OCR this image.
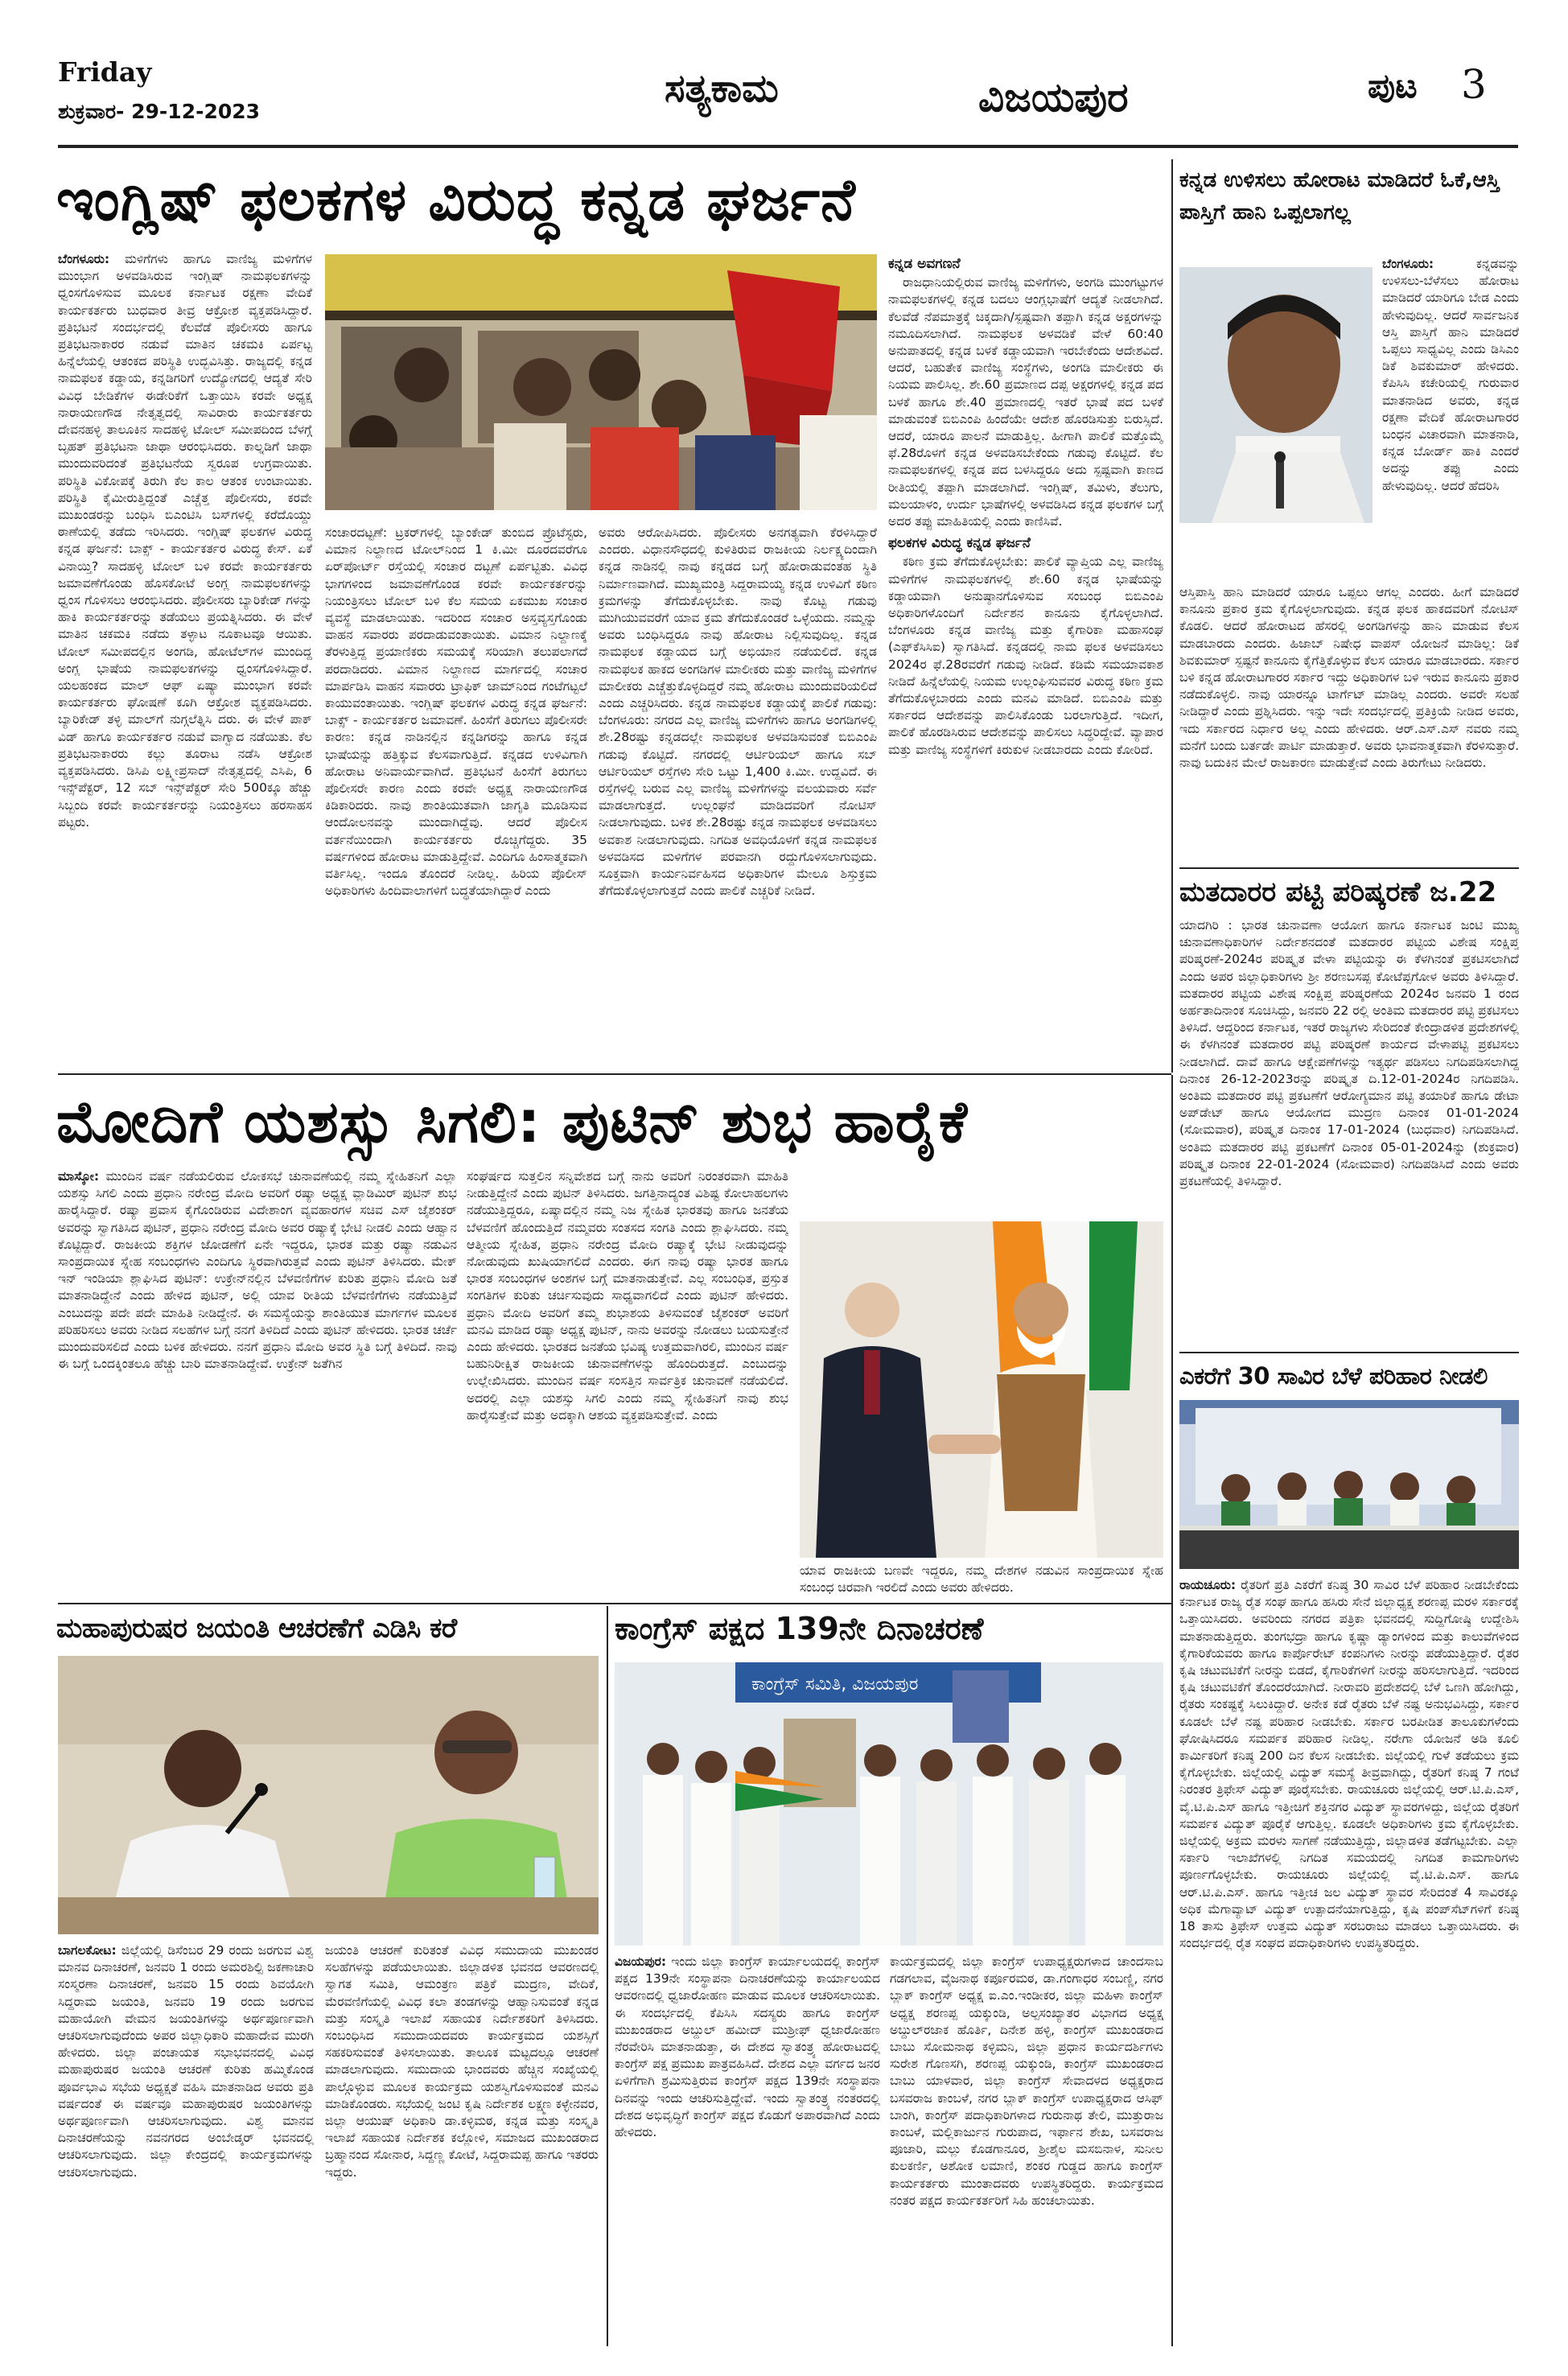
Friday
ಶುಕ್ರವಾರ- 29-12-2023
ಸತ್ಯಕಾಮ	ವಿಜಯಪುರ	ಪುಟ 3
ಇಂಗ್ಲಿಷ್ ಫಲಕಗಳ ವಿರುದ್ಧ ಕನ್ನಡ ಘರ್ಜನೆ

ಬೆಂಗಳೂರು: ಮಳಿಗೆಗಳು ಹಾಗೂ ವಾಣಿಜ್ಯ ಮಳಿಗೆಗಳ ಮುಂಭಾಗ ಅಳವಡಿಸಿರುವ ಇಂಗ್ಲಿಷ್ ನಾಮಫಲಕಗಳನ್ನು ಧ್ವಂಸಗೊಳಿಸುವ ಮೂಲಕ ಕರ್ನಾಟಕ ರಕ್ಷಣಾ ವೇದಿಕೆ ಕಾರ್ಯಕರ್ತರು ಬುಧವಾರ ತೀವ್ರ ಆಕ್ರೋಶ ವ್ಯಕ್ತಪಡಿಸಿದ್ದಾರೆ. ಪ್ರತಿಭಟನೆ ಸಂದರ್ಭದಲ್ಲಿ ಕೆಲವೆಡೆ ಪೊಲೀಸರು ಹಾಗೂ ಪ್ರತಿಭಟನಾಕಾರರ ನಡುವೆ ಮಾತಿನ ಚಕಮಕಿ ಏರ್ಪಟ್ಟ ಹಿನ್ನೆಲೆಯಲ್ಲಿ ಆತಂಕದ ಪರಿಸ್ಥಿತಿ ಉದ್ಭವಿಸಿತ್ತು. ರಾಜ್ಯದಲ್ಲಿ ಕನ್ನಡ ನಾಮಫಲಕ ಕಡ್ಡಾಯ, ಕನ್ನಡಿಗರಿಗೆ ಉದ್ಯೋಗದಲ್ಲಿ ಆದ್ಯತೆ ಸೇರಿ ವಿವಿಧ ಬೇಡಿಕೆಗಳ ಈಡೇರಿಕೆಗೆ ಒತ್ತಾಯಿಸಿ ಕರವೇ ಅಧ್ಯಕ್ಷ ನಾರಾಯಣಗೌಡ ನೇತೃತ್ವದಲ್ಲಿ ಸಾವಿರಾರು ಕಾರ್ಯಕರ್ತರು ದೇವನಹಳ್ಳಿ ತಾಲೂಕಿನ ಸಾದಹಳ್ಳಿ ಟೋಲ್ ಸಮೀಪದಿಂದ ಬೆಳಗ್ಗೆ ಬೃಹತ್ ಪ್ರತಿಭಟನಾ ಜಾಥಾ ಆರಂಭಿಸಿದರು. ಕಾಲ್ನಡಿಗೆ ಜಾಥಾ ಮುಂದುವರಿದಂತೆ ಪ್ರತಿಭಟನೆಯ ಸ್ವರೂಪ ಉಗ್ರವಾಯಿತು. ಪರಿಸ್ಥಿತಿ ವಿಕೋಪಕ್ಕೆ ತಿರುಗಿ ಕೆಲ ಕಾಲ ಆತಂಕ ಉಂಟಾಯಿತು. ಪರಿಸ್ಥಿತಿ ಕೈಮೀರುತ್ತಿದ್ದಂತೆ ಎಚ್ಚೆತ್ತ ಪೊಲೀಸರು, ಕರವೇ ಮುಖಂಡರನ್ನು ಬಂಧಿಸಿ ಬಿಎಂಟಿಸಿ ಬಸ್‌ಗಳಲ್ಲಿ ಕರೆದೊಯ್ದು ಠಾಣೆಯಲ್ಲಿ ತಡೆದು ಇರಿಸಿದರು. ಇಂಗ್ಲಿಷ್ ಫಲಕಗಳ ವಿರುದ್ಧ ಕನ್ನಡ ಘರ್ಜನೆ: ಬಾಕ್ಸ್ - ಕಾರ್ಯಕರ್ತರ ವಿರುದ್ಧ ಕೇಸ್. ಏಕೆ ವಿನಾಯ್ತಿ? ಸಾದಹಳ್ಳಿ ಟೋಲ್ ಬಳಿ ಕರವೇ ಕಾರ್ಯಕರ್ತರು ಜಮಾವಣೆಗೊಂಡು ಹೊಸಕೋಟೆ ಅಂಗ್ಲ ನಾಮಫಲಕಗಳನ್ನು ಧ್ವಂಸ ಗೊಳಿಸಲು ಆರಂಭಿಸಿದರು. ಪೊಲೀಸರು ಬ್ಯಾರಿಕೇಡ್ ಗಳನ್ನು ಹಾಕಿ ಕಾರ್ಯಕರ್ತರನ್ನು ತಡೆಯಲು ಪ್ರಯತ್ನಿಸಿದರು. ಈ ವೇಳೆ ಮಾತಿನ ಚಕಮಕಿ ನಡೆದು ತಳ್ಳಾಟ ನೂಕಾಟವೂ ಆಯಿತು. ಟೋಲ್ ಸಮೀಪದಲ್ಲಿನ ಅಂಗಡಿ, ಹೋಟೆಲ್‌ಗಳ ಮುಂದಿದ್ದ ಅಂಗ್ಲ ಭಾಷೆಯ ನಾಮಫಲಕಗಳನ್ನು ಧ್ವಂಸಗೊಳಿಸಿದ್ದಾರೆ. ಯಲಹಂಕದ ಮಾಲ್ ಆಫ್ ಏಷ್ಯಾ ಮುಂಭಾಗ ಕರವೇ ಕಾರ್ಯಕರ್ತರು ಘೋಷಣೆ ಕೂಗಿ ಆಕ್ರೋಶ ವ್ಯಕ್ತಪಡಿಸಿದರು. ಬ್ಯಾರಿಕೇಡ್ ತಳ್ಳಿ ಮಾಲ್‌ಗೆ ನುಗ್ಗಲೆತ್ನಿಸಿ ದರು. ಈ ವೇಳೆ ಪಾಕ್ ವಿಡ್ ಹಾಗೂ ಕಾರ್ಯಕರ್ತರ ನಡುವೆ ವಾಗ್ವಾದ ನಡೆಯಿತು. ಕೆಲ ಪ್ರತಿಭಟನಾಕಾರರು ಕಲ್ಲು ತೂರಾಟ ನಡೆಸಿ ಆಕ್ರೋಶ ವ್ಯಕ್ತಪಡಿಸಿದರು. ಡಿಸಿಪಿ ಲಕ್ಷ್ಮೀಪ್ರಸಾದ್ ನೇತೃತ್ವದಲ್ಲಿ ಎಸಿಪಿ, 6 ಇನ್ಸ್‌ಪೆಕ್ಟರ್, 12 ಸಬ್ ಇನ್ಸ್‌ಪೆಕ್ಟರ್ ಸೇರಿ 500ಕ್ಕೂ ಹೆಚ್ಚು ಸಿಬ್ಬಂದಿ ಕರವೇ ಕಾರ್ಯಕರ್ತರನ್ನು ನಿಯಂತ್ರಿಸಲು ಹರಸಾಹಸ ಪಟ್ಟರು.

ಸಂಚಾರದಟ್ಟಣೆ: ಟ್ರಕರ್‌ಗಳಲ್ಲಿ ಬ್ಯಾಂಕೇಡ್ ತುಂಬಿದ ಪ್ರೊಟೆಸ್ಟರು, ವಿಮಾನ ನಿಲ್ದಾಣದ ಟೋಲ್‌ನಿಂದ 1 ಕಿ.ಮೀ ದೂರದವರೆಗೂ ಏರ್‌ಪೋರ್ಟ್ ರಸ್ತೆಯಲ್ಲಿ ಸಂಚಾರ ದಟ್ಟಣೆ ಏರ್ಪಟ್ಟಿತು. ವಿವಿಧ ಭಾಗಗಳಿಂದ ಜಮಾವಣೆಗೊಂಡ ಕರವೇ ಕಾರ್ಯಕರ್ತರನ್ನು ನಿಯಂತ್ರಿಸಲು ಟೋಲ್ ಬಳಿ ಕೆಲ ಸಮಯ ಏಕಮುಖ ಸಂಚಾರ ವ್ಯವಸ್ಥೆ ಮಾಡಲಾಯಿತು. ಇದರಿಂದ ಸಂಚಾರ ಅಸ್ತವ್ಯಸ್ತಗೊಂಡು ವಾಹನ ಸವಾರರು ಪರದಾಡುವಂತಾಯಿತು. ವಿಮಾನ ನಿಲ್ದಾಣಕ್ಕೆ ತೆರಳುತ್ತಿದ್ದ ಪ್ರಯಾಣಿಕರು ಸಮಯಕ್ಕೆ ಸರಿಯಾಗಿ ತಲುಪಲಾಗದೆ ಪರದಾಡಿದರು. ವಿಮಾನ ನಿಲ್ದಾಣದ ಮಾರ್ಗದಲ್ಲಿ ಸಂಚಾರ ಮಾರ್ಪಡಿಸಿ ವಾಹನ ಸವಾರರು ಟ್ರಾಫಿಕ್ ಜಾಮ್‌ನಿಂದ ಗಂಟೆಗಟ್ಟಲೆ ಕಾಯುವಂತಾಯಿತು. ಇಂಗ್ಲಿಷ್ ಫಲಕಗಳ ವಿರುದ್ಧ ಕನ್ನಡ ಘರ್ಜನೆ: ಬಾಕ್ಸ್ - ಕಾರ್ಯಕರ್ತರ ಜಮಾವಣೆ. ಹಿಂಸೆಗೆ ತಿರುಗಲು ಪೊಲೀಸರೇ ಕಾರಣ: ಕನ್ನಡ ನಾಡಿನಲ್ಲಿನ ಕನ್ನಡಿಗರನ್ನು ಹಾಗೂ ಕನ್ನಡ ಭಾಷೆಯನ್ನು ಹತ್ತಿಕ್ಕುವ ಕೆಲಸವಾಗುತ್ತಿದೆ. ಕನ್ನಡದ ಉಳಿವಿಗಾಗಿ ಹೋರಾಟ ಅನಿವಾರ್ಯವಾಗಿದೆ. ಪ್ರತಿಭಟನೆ ಹಿಂಸೆಗೆ ತಿರುಗಲು ಪೊಲೀಸರೇ ಕಾರಣ ಎಂದು ಕರವೇ ಅಧ್ಯಕ್ಷ ನಾರಾಯಣಗೌಡ ಕಿಡಿಕಾರಿದರು. ನಾವು ಶಾಂತಿಯುತವಾಗಿ ಜಾಗೃತಿ ಮೂಡಿಸುವ ಆಂದೋಲನವನ್ನು ಮುಂದಾಗಿದ್ದೆವು. ಆದರೆ ಪೊಲೀಸ ವರ್ತನೆಯಿಂದಾಗಿ ಕಾರ್ಯಕರ್ತರು ರೊಚ್ಚಿಗೆದ್ದರು. 35 ವರ್ಷಗಳಿಂದ ಹೋರಾಟ ಮಾಡುತ್ತಿದ್ದೇವೆ. ಎಂದಿಗೂ ಹಿಂಸಾತ್ಮಕವಾಗಿ ವರ್ತಿಸಿಲ್ಲ. ಇಂದೂ ತೊಂದರೆ ನೀಡಿಲ್ಲ. ಹಿರಿಯ ಪೊಲೀಸ್ ಅಧಿಕಾರಿಗಳು ಹಿಂದಿವಾಲಾಗಳಿಗೆ ಬದ್ಧತೆಯಾಗಿದ್ದಾರೆ ಎಂದು

ಅವರು ಆರೋಪಿಸಿದರು. ಪೊಲೀಸರು ಅನಗತ್ಯವಾಗಿ ಕೆರಳಿಸಿದ್ದಾರೆ ಎಂದರು. ವಿಧಾನಸೌಧದಲ್ಲಿ ಕುಳಿತಿರುವ ರಾಜಕೀಯ ನಿರ್ಲಕ್ಷ್ಯದಿಂದಾಗಿ ಕನ್ನಡ ನಾಡಿನಲ್ಲಿ ನಾವು ಕನ್ನಡದ ಬಗ್ಗೆ ಹೋರಾಡುವಂತಹ ಸ್ಥಿತಿ ನಿರ್ಮಾಣವಾಗಿದೆ. ಮುಖ್ಯಮಂತ್ರಿ ಸಿದ್ದರಾಮಯ್ಯ ಕನ್ನಡ ಉಳಿವಿಗೆ ಕಠಿಣ ಕ್ರಮಗಳನ್ನು ತೆಗೆದುಕೊಳ್ಳಬೇಕು. ನಾವು ಕೊಟ್ಟ ಗಡುವು ಮುಗಿಯುವವರೆಗೆ ಯಾವ ಕ್ರಮ ತೆಗೆದುಕೊಂಡರೆ ಒಳ್ಳೆಯದು. ನಮ್ಮನ್ನು ಅವರು ಬಂಧಿಸಿದ್ದರೂ ನಾವು ಹೋರಾಟ ನಿಲ್ಲಿಸುವುದಿಲ್ಲ. ಕನ್ನಡ ನಾಮಫಲಕ ಕಡ್ಡಾಯದ ಬಗ್ಗೆ ಅಭಿಯಾನ ನಡೆಯಲಿದೆ. ಕನ್ನಡ ನಾಮಫಲಕ ಹಾಕದ ಅಂಗಡಿಗಳ ಮಾಲೀಕರು ಮತ್ತು ವಾಣಿಜ್ಯ ಮಳಿಗೆಗಳ ಮಾಲೀಕರು ಎಚ್ಚೆತ್ತುಕೊಳ್ಳದಿದ್ದರೆ ನಮ್ಮ ಹೋರಾಟ ಮುಂದುವರಿಯಲಿದೆ ಎಂದು ಎಚ್ಚರಿಸಿದರು. ಕನ್ನಡ ನಾಮಫಲಕ ಕಡ್ಡಾಯಕ್ಕೆ ಪಾಲಿಕೆ ಗಡುವು: ಬೆಂಗಳೂರು: ನಗರದ ಎಲ್ಲ ವಾಣಿಜ್ಯ ಮಳಿಗೆಗಳು ಹಾಗೂ ಅಂಗಡಿಗಳಲ್ಲಿ ಶೇ.28ರಷ್ಟು ಕನ್ನಡದಲ್ಲೇ ನಾಮಫಲಕ ಅಳವಡಿಸುವಂತೆ ಬಿಬಿಎಂಪಿ ಗಡುವು ಕೊಟ್ಟಿದೆ. ನಗರದಲ್ಲಿ ಆರ್ಟಿರಿಯಲ್ ಹಾಗೂ ಸಬ್ ಆರ್ಟಿರಿಯಲ್ ರಸ್ತೆಗಳು ಸೇರಿ ಒಟ್ಟು 1,400 ಕಿ.ಮೀ. ಉದ್ದವಿದೆ. ಈ ರಸ್ತೆಗಳಲ್ಲಿ ಬರುವ ಎಲ್ಲ ವಾಣಿಜ್ಯ ಮಳಿಗೆಗಳನ್ನು ವಲಯವಾರು ಸರ್ವೆ ಮಾಡಲಾಗುತ್ತದೆ. ಉಲ್ಲಂಘನೆ ಮಾಡಿದವರಿಗೆ ನೋಟಿಸ್ ನೀಡಲಾಗುವುದು. ಬಳಿಕ ಶೇ.28ರಷ್ಟು ಕನ್ನಡ ನಾಮಫಲಕ ಅಳವಡಿಸಲು ಅವಕಾಶ ನೀಡಲಾಗುವುದು. ನಿಗದಿತ ಅವಧಿಯೊಳಗೆ ಕನ್ನಡ ನಾಮಫಲಕ ಅಳವಡಿಸದ ಮಳಿಗೆಗಳ ಪರವಾನಗಿ ರದ್ದುಗೊಳಿಸಲಾಗುವುದು. ಸೂಕ್ತವಾಗಿ ಕಾರ್ಯನಿರ್ವಹಿಸದ ಅಧಿಕಾರಿಗಳ ಮೇಲೂ ಶಿಸ್ತುಕ್ರಮ ತೆಗೆದುಕೊಳ್ಳಲಾಗುತ್ತದೆ ಎಂದು ಪಾಲಿಕೆ ಎಚ್ಚರಿಕೆ ನೀಡಿದೆ.

ಕನ್ನಡ ಅವಗಣನೆ

ರಾಜಧಾನಿಯಲ್ಲಿರುವ ವಾಣಿಜ್ಯ ಮಳಿಗೆಗಳು, ಅಂಗಡಿ ಮುಂಗಟ್ಟುಗಳ ನಾಮಫಲಕಗಳಲ್ಲಿ ಕನ್ನಡ ಬದಲು ಆಂಗ್ಲಭಾಷೆಗೆ ಆದ್ಯತೆ ನೀಡಲಾಗಿದೆ. ಕೆಲವೆಡೆ ನೆಪಮಾತ್ರಕ್ಕೆ ಚಿಕ್ಕದಾಗಿ/ಸ್ಪಷ್ಟವಾಗಿ ತಪ್ಪಾಗಿ ಕನ್ನಡ ಅಕ್ಷರಗಳನ್ನು ನಮೂದಿಸಲಾಗಿದೆ. ನಾಮಫಲಕ ಅಳವಡಿಕೆ ವೇಳೆ 60:40 ಅನುಪಾತದಲ್ಲಿ ಕನ್ನಡ ಬಳಕೆ ಕಡ್ಡಾಯವಾಗಿ ಇರಬೇಕೆಂದು ಆದೇಶವಿದೆ. ಆದರೆ, ಬಹುತೇಕ ವಾಣಿಜ್ಯ ಸಂಸ್ಥೆಗಳು, ಅಂಗಡಿ ಮಾಲೀಕರು ಈ ನಿಯಮ ಪಾಲಿಸಿಲ್ಲ. ಶೇ.60 ಪ್ರಮಾಣದ ದಪ್ಪ ಅಕ್ಷರಗಳಲ್ಲಿ ಕನ್ನಡ ಪದ ಬಳಕೆ ಹಾಗೂ ಶೇ.40 ಪ್ರಮಾಣದಲ್ಲಿ ಇತರೆ ಭಾಷೆ ಪದ ಬಳಕೆ ಮಾಡುವಂತೆ ಬಿಬಿಎಂಪಿ ಹಿಂದೆಯೇ ಆದೇಶ ಹೊರಡಿಸುತ್ತು ಬಿರುಸ್ಸಿದೆ. ಆದರೆ, ಯಾರೂ ಪಾಲನೆ ಮಾಡುತ್ತಿಲ್ಲ. ಹೀಗಾಗಿ ಪಾಲಿಕೆ ಮತ್ತೊಮ್ಮೆ ಫೆ.28ರೊಳಗೆ ಕನ್ನಡ ಅಳವಡಿಸಬೇಕೆಂದು ಗಡುವು ಕೊಟ್ಟಿದೆ. ಕೆಲ ನಾಮಫಲಕಗಳಲ್ಲಿ ಕನ್ನಡ ಪದ ಬಳಸಿದ್ದರೂ ಅದು ಸ್ಪಷ್ಟವಾಗಿ ಕಾಣದ ರೀತಿಯಲ್ಲಿ ತಪ್ಪಾಗಿ ಮಾಡಲಾಗಿದೆ. ಇಂಗ್ಲಿಷ್, ತಮಿಳು, ತೆಲುಗು, ಮಲಯಾಳಂ, ಉರ್ದು ಭಾಷೆಗಳಲ್ಲಿ ಅಳವಡಿಸಿದ ಕನ್ನಡ ಫಲಕಗಳ ಬಗ್ಗೆ ಅದರ ತಪ್ಪು ಮಾಹಿತಿಯಲ್ಲಿ ಎಂದು ಕಾಣಿಸಿವೆ.

ಫಲಕಗಳ ವಿರುದ್ಧ ಕನ್ನಡ ಘರ್ಜನೆ

ಕಠಿಣ ಕ್ರಮ ತೆಗೆದುಕೊಳ್ಳಬೇಕು: ಪಾಲಿಕೆ ವ್ಯಾಪ್ತಿಯ ಎಲ್ಲ ವಾಣಿಜ್ಯ ಮಳಿಗೆಗಳ ನಾಮಫಲಕಗಳಲ್ಲಿ ಶೇ.60 ಕನ್ನಡ ಭಾಷೆಯನ್ನು ಕಡ್ಡಾಯವಾಗಿ ಅನುಷ್ಠಾನಗೊಳಿಸುವ ಸಂಬಂಧ ಬಿಬಿಎಂಪಿ ಅಧಿಕಾರಿಗಳೊಂದಿಗೆ ನಿರ್ದೇಶನ ಕಾನೂನು ಕೈಗೊಳ್ಳಲಾಗಿದೆ. ಬೆಂಗಳೂರು ಕನ್ನಡ ವಾಣಿಜ್ಯ ಮತ್ತು ಕೈಗಾರಿಕಾ ಮಹಾಸಂಘ (ಎಫ್‌ಕೆಸಿಸಿಐ) ಸ್ವಾಗತಿಸಿದೆ. ಕನ್ನಡದಲ್ಲಿ ನಾಮ ಫಲಕ ಅಳವಡಿಸಲು 2024ರ ಫೆ.28ರವರೆಗೆ ಗಡುವು ನೀಡಿದೆ. ಕಡಿಮೆ ಸಮಯಾವಕಾಶ ನೀಡಿದೆ ಹಿನ್ನೆಲೆಯಲ್ಲಿ ನಿಯಮ ಉಲ್ಲಂಘಿಸುವವರ ವಿರುದ್ಧ ಕಠಿಣ ಕ್ರಮ ತೆಗೆದುಕೊಳ್ಳಬಾರದು ಎಂದು ಮನವಿ ಮಾಡಿದೆ. ಬಿಬಿಎಂಪಿ ಮತ್ತು ಸರ್ಕಾರದ ಆದೇಶವನ್ನು ಪಾಲಿಸಿಕೊಂಡು ಬರಲಾಗುತ್ತಿದೆ. ಇದೀಗ, ಪಾಲಿಕೆ ಹೊರಡಿಸಿರುವ ಆದೇಶವನ್ನು ಪಾಲಿಸಲು ಸಿದ್ಧರಿದ್ದೇವೆ. ವ್ಯಾಪಾರ ಮತ್ತು ವಾಣಿಜ್ಯ ಸಂಸ್ಥೆಗಳಿಗೆ ಕಿರುಕುಳ ನೀಡಬಾರದು ಎಂದು ಕೋರಿದೆ.

ಕನ್ನಡ ಉಳಿಸಲು ಹೋರಾಟ ಮಾಡಿದರೆ ಓಕೆ,ಆಸ್ತಿ ಪಾಸ್ತಿಗೆ ಹಾನಿ ಒಪ್ಪಲಾಗಲ್ಲ

ಬೆಂಗಳೂರು:	ಕನ್ನಡವನ್ನು ಉಳಿಸಲು-ಬೆಳೆಸಲು ಹೋರಾಟ ಮಾಡಿದರೆ ಯಾರಿಗೂ ಬೇಡ ಎಂದು ಹೇಳುವುದಿಲ್ಲ. ಆದರೆ ಸಾರ್ವಜನಿಕ ಆಸ್ತಿ ಪಾಸ್ತಿಗೆ ಹಾನಿ ಮಾಡಿದರೆ ಒಪ್ಪಲು ಸಾಧ್ಯವಿಲ್ಲ ಎಂದು ಡಿಸಿಎಂ ಡಿಕೆ ಶಿವಕುಮಾರ್ ಹೇಳಿದರು. ಕೆಪಿಸಿಸಿ ಕಚೇರಿಯಲ್ಲಿ ಗುರುವಾರ ಮಾತನಾಡಿದ ಅವರು, ಕನ್ನಡ ರಕ್ಷಣಾ ವೇದಿಕೆ ಹೋರಾಟಗಾರರ ಬಂಧನ ವಿಚಾರವಾಗಿ ಮಾತನಾಡಿ, ಕನ್ನಡ ಬೋರ್ಡ್ ಹಾಕಿ ಎಂದರೆ ಅದನ್ನು ತಪ್ಪು ಎಂದು ಹೇಳುವುದಿಲ್ಲ. ಆದರೆ ಹೆದರಿಸಿ

ಆಸ್ತಿಪಾಸ್ತಿ ಹಾನಿ ಮಾಡಿದರೆ ಯಾರೂ ಒಪ್ಪಲು ಆಗಲ್ಲ ಎಂದರು. ಹೀಗೆ ಮಾಡಿದರೆ ಕಾನೂನು ಪ್ರಕಾರ ಕ್ರಮ ಕೈಗೊಳ್ಳಲಾಗುವುದು. ಕನ್ನಡ ಫಲಕ ಹಾಕದವರಿಗೆ ನೋಟಿಸ್ ಕೊಡಲಿ. ಆದರೆ ಹೋರಾಟದ ಹೆಸರಲ್ಲಿ ಅಂಗಡಿಗಳನ್ನು ಹಾನಿ ಮಾಡುವ ಕೆಲಸ ಮಾಡಬಾರದು ಎಂದರು. ಹಿಜಾಬ್ ನಿಷೇಧ ವಾಪಸ್ ಯೋಜನೆ ಮಾಡಿಲ್ಲ: ಡಿಕೆ ಶಿವಕುಮಾರ್ ಸ್ಪಷ್ಟನೆ ಕಾನೂನು ಕೈಗೆತ್ತಿಕೊಳ್ಳುವ ಕೆಲಸ ಯಾರೂ ಮಾಡಬಾರದು. ಸರ್ಕಾರ ಬಳಿ ಕನ್ನಡ ಹೋರಾಟಗಾರರ ಸರ್ಕಾರ ಇದ್ದು ಅಧಿಕಾರಿಗಳ ಬಳಿ ಇರುವ ಕಾನೂನು ಪ್ರಕಾರ ನಡೆದುಕೊಳ್ಳಲಿ. ನಾವು ಯಾರನ್ನೂ ಟಾರ್ಗೆಟ್ ಮಾಡಿಲ್ಲ ಎಂದರು. ಅವರೇ ಸಲಹೆ ನೀಡಿದ್ದಾರೆ ಎಂದು ಪ್ರಶ್ನಿಸಿದರು. ಇನ್ನು ಇದೇ ಸಂದರ್ಭದಲ್ಲಿ ಪ್ರತಿಕ್ರಿಯೆ ನೀಡಿದ ಅವರು, ಇದು ಸರ್ಕಾರದ ನಿರ್ಧಾರ ಅಲ್ಲ ಎಂದು ಹೇಳಿದರು. ಆರ್.ಎಸ್.ಎಸ್ ನವರು ನಮ್ಮ ಮನೆಗೆ ಬಂದು ಬರ್ತಡೇ ಪಾರ್ಟಿ ಮಾಡುತ್ತಾರೆ. ಅವರು ಭಾವನಾತ್ಮಕವಾಗಿ ಕೆರಳಿಸುತ್ತಾರೆ. ನಾವು ಬದುಕಿನ ಮೇಲೆ ರಾಜಕಾರಣ ಮಾಡುತ್ತೇವೆ ಎಂದು ತಿರುಗೇಟು ನೀಡಿದರು.

ಮತದಾರರ ಪಟ್ಟಿ ಪರಿಷ್ಕರಣೆ ಜ.22

ಯಾದಗಿರಿ : ಭಾರತ ಚುನಾವಣಾ ಆಯೋಗ ಹಾಗೂ ಕರ್ನಾಟಕ ಜಂಟಿ ಮುಖ್ಯ ಚುನಾವಣಾಧಿಕಾರಿಗಳ ನಿರ್ದೇಶನದಂತೆ ಮತದಾರರ ಪಟ್ಟಿಯ ವಿಶೇಷ ಸಂಕ್ಷಿಪ್ತ ಪರಿಷ್ಕರಣೆ-2024ರ ಪರಿಷ್ಕೃತ ವೇಳಾ ಪಟ್ಟಿಯನ್ನು ಈ ಕೆಳಗಿನಂತೆ ಪ್ರಕಟಿಸಲಾಗಿದೆ ಎಂದು ಅಪರ ಜಿಲ್ಲಾಧಿಕಾರಿಗಳು ಶ್ರೀ ಶರಣಬಸಪ್ಪ ಕೋಟೆಪ್ಪಗೋಳ ಅವರು ತಿಳಿಸಿದ್ದಾರೆ. ಮತದಾರರ ಪಟ್ಟಿಯ ವಿಶೇಷ ಸಂಕ್ಷಿಪ್ತ ಪರಿಷ್ಕರಣೆಯ 2024ರ ಜನವರಿ 1 ರಂದ ಅರ್ಹತಾದಿನಾಂಕ ಸೂಚಿಸಿದ್ದು, ಜನವರಿ 22 ರಲ್ಲಿ ಅಂತಿಮ ಮತದಾರರ ಪಟ್ಟಿ ಪ್ರಕಟಿಸಲು ತಿಳಿಸಿದೆ. ಆದ್ದರಿಂದ ಕರ್ನಾಟಕ, ಇತರೆ ರಾಜ್ಯಗಳು ಸೇರಿದಂತೆ ಕೇಂದ್ರಾಡಳಿತ ಪ್ರದೇಶಗಳಲ್ಲಿ ಈ ಕೆಳಗಿನಂತೆ ಮತದಾರರ ಪಟ್ಟಿ ಪರಿಷ್ಕರಣೆ ಕಾರ್ಯದ ವೇಳಾಪಟ್ಟಿ ಪ್ರಕಟಿಸಲು ನೀಡಲಾಗಿದೆ. ದಾವೆ ಹಾಗೂ ಆಕ್ಷೇಪಣೆಗಳನ್ನು ಇತ್ಯರ್ಥ ಪಡಿಸಲು ನಿಗದಿಪಡಿಸಲಾಗಿದ್ದ ದಿನಾಂಕ 26-12-2023ರನ್ನು ಪರಿಷ್ಕೃತ ದಿ.12-01-2024ರ ನಿಗದಿಪಡಿಸಿ. ಅಂತಿಮ ಮತದಾರರ ಪಟ್ಟಿ ಪ್ರಕಟಣೆಗೆ ಆರೋಗ್ಯಮಾನ ಪಟ್ಟಿ ತಯಾರಿಕೆ ಹಾಗೂ ಡೇಟಾ ಅಪ್‌ಡೇಟ್ ಹಾಗೂ ಆಯೋಗದ ಮುದ್ರಣ ದಿನಾಂಕ 01-01-2024 (ಸೋಮವಾರ), ಪರಿಷ್ಕೃತ ದಿನಾಂಕ 17-01-2024 (ಬುಧವಾರ) ನಿಗದಿಪಡಿಸಿದೆ. ಅಂತಿಮ ಮತದಾರರ ಪಟ್ಟಿ ಪ್ರಕಟಣೆಗೆ ದಿನಾಂಕ 05-01-2024ನ್ನು (ಶುಕ್ರವಾರ) ಪರಿಷ್ಕೃತ ದಿನಾಂಕ 22-01-2024 (ಸೋಮವಾರ) ನಿಗದಿಪಡಿಸಿದೆ ಎಂದು ಅವರು ಪ್ರಕಟಣೆಯಲ್ಲಿ ತಿಳಿಸಿದ್ದಾರೆ.

ಎಕರೆಗೆ 30 ಸಾವಿರ ಬೆಳೆ ಪರಿಹಾರ ನೀಡಲಿ

ರಾಯಚೂರು: ರೈತರಿಗೆ ಪ್ರತಿ ಎಕರೆಗೆ ಕನಿಷ್ಠ 30 ಸಾವಿರ ಬೆಳೆ ಪರಿಹಾರ ನೀಡಬೇಕೆಂದು ಕರ್ನಾಟಕ ರಾಜ್ಯ ರೈತ ಸಂಘ ಹಾಗೂ ಹಸಿರು ಸೇನೆ ಜಿಲ್ಲಾಧ್ಯಕ್ಷ ಶರಣಪ್ಪ ಮರಳಿ ಸರ್ಕಾರಕ್ಕೆ ಒತ್ತಾಯಿಸಿದರು. ಅವರಿಂದು ನಗರದ ಪತ್ರಿಕಾ ಭವನದಲ್ಲಿ ಸುದ್ದಿಗೋಷ್ಠಿ ಉದ್ದೇಶಿಸಿ ಮಾತನಾಡುತ್ತಿದ್ದರು. ತುಂಗಭದ್ರಾ ಹಾಗೂ ಕೃಷ್ಣಾ ಡ್ಯಾಂಗಳಿಂದ ಮತ್ತು ಕಾಲುವೆಗಳಿಂದ ಕೈಗಾರಿಕೆಯವರು ಹಾಗೂ ಕಾರ್ಪೊರೇಟ್ ಕಂಪನಿಗಳು ನೀರನ್ನು ಪಡೆಯುತ್ತಿದ್ದಾರೆ. ರೈತರ ಕೃಷಿ ಚಟುವಟಿಕೆಗೆ ನೀರನ್ನು ಬಿಡದೆ, ಕೈಗಾರಿಕೆಗಳಿಗೆ ನೀರನ್ನು ಹರಿಸಲಾಗುತ್ತಿದೆ. ಇದರಿಂದ ಕೃಷಿ ಚಟುವಟಿಕೆಗೆ ತೊಂದರೆಯಾಗಿದೆ. ನೀರಾವರಿ ಪ್ರದೇಶದಲ್ಲಿ ಬೆಳೆ ಒಣಗಿ ಹೋಗಿದ್ದು, ರೈತರು ಸಂಕಷ್ಟಕ್ಕೆ ಸಿಲುಕಿದ್ದಾರೆ. ಅನೇಕ ಕಡೆ ರೈತರು ಬೆಳೆ ನಷ್ಟ ಅನುಭವಿಸಿದ್ದು, ಸರ್ಕಾರ ಕೂಡಲೇ ಬೆಳೆ ನಷ್ಟ ಪರಿಹಾರ ನೀಡಬೇಕು. ಸರ್ಕಾರ ಬರಪೀಡಿತ ತಾಲೂಕುಗಳೆಂದು ಘೋಷಿಸಿದರೂ ಸಮರ್ಪಕ ಪರಿಹಾರ ನೀಡಿಲ್ಲ. ನರೇಗಾ ಯೋಜನೆ ಅಡಿ ಕೂಲಿ ಕಾರ್ಮಿಕರಿಗೆ ಕನಿಷ್ಠ 200 ದಿನ ಕೆಲಸ ನೀಡಬೇಕು. ಜಿಲ್ಲೆಯಲ್ಲಿ ಗುಳೆ ತಡೆಯಲು ಕ್ರಮ ಕೈಗೊಳ್ಳಬೇಕು. ಜಿಲ್ಲೆಯಲ್ಲಿ ವಿದ್ಯುತ್ ಸಮಸ್ಯೆ ತೀವ್ರವಾಗಿದ್ದು, ರೈತರಿಗೆ ಕನಿಷ್ಠ 7 ಗಂಟೆ ನಿರಂತರ ತ್ರಿಫೇಸ್ ವಿದ್ಯುತ್ ಪೂರೈಸಬೇಕು. ರಾಯಚೂರು ಜಿಲ್ಲೆಯಲ್ಲಿ ಆರ್.ಟಿ.ಪಿ.ಎಸ್, ವೈ.ಟಿ.ಪಿ.ಎಸ್ ಹಾಗೂ ಇತ್ತೀಚಿಗೆ ಶಕ್ತಿನಗರ ವಿದ್ಯುತ್ ಸ್ಥಾವರಗಳಿದ್ದು, ಜಿಲ್ಲೆಯ ರೈತರಿಗೆ ಸಮರ್ಪಕ ವಿದ್ಯುತ್ ಪೂರೈಕೆ ಆಗುತ್ತಿಲ್ಲ. ಕೂಡಲೇ ಅಧಿಕಾರಿಗಳು ಕ್ರಮ ಕೈಗೊಳ್ಳಬೇಕು. ಜಿಲ್ಲೆಯಲ್ಲಿ ಅಕ್ರಮ ಮರಳು ಸಾಗಣೆ ನಡೆಯುತ್ತಿದ್ದು, ಜಿಲ್ಲಾಡಳಿತ ತಡೆಗಟ್ಟಬೇಕು. ಎಲ್ಲಾ ಸರ್ಕಾರಿ ಇಲಾಖೆಗಳಲ್ಲಿ ನಿಗದಿತ ಸಮಯದಲ್ಲಿ ನಿಗದಿತ ಕಾಮಗಾರಿಗಳು ಪೂರ್ಣಗೊಳ್ಳಬೇಕು. ರಾಯಚೂರು ಜಿಲ್ಲೆಯಲ್ಲಿ ವೈ.ಟಿ.ಪಿ.ಎಸ್. ಹಾಗೂ ಆರ್.ಟಿ.ಪಿ.ಎಸ್. ಹಾಗೂ ಇತ್ತೀಚ ಜಲ ವಿದ್ಯುತ್ ಸ್ಥಾವರ ಸೇರಿದಂತೆ 4 ಸಾವಿರಕ್ಕೂ ಅಧಿಕ ಮೆಗಾವ್ಯಾಟ್ ವಿದ್ಯುತ್ ಉತ್ಪಾದನೆಯಾಗುತ್ತಿದ್ದು, ಕೃಷಿ ಪಂಪ್‌ಸೆಟ್‌ಗಳಿಗೆ ಕನಿಷ್ಠ 18 ತಾಸು ತ್ರಿಫೇಸ್ ಉತ್ತಮ ವಿದ್ಯುತ್ ಸರಬರಾಜು ಮಾಡಲು ಒತ್ತಾಯಿಸಿದರು. ಈ ಸಂದರ್ಭದಲ್ಲಿ ರೈತ ಸಂಘದ ಪದಾಧಿಕಾರಿಗಳು ಉಪಸ್ಥಿತರಿದ್ದರು.

ಮೋದಿಗೆ ಯಶಸ್ಸು ಸಿಗಲಿ: ಪುಟಿನ್ ಶುಭ ಹಾರೈಕೆ

ಮಾಸ್ಕೋ: ಮುಂದಿನ ವರ್ಷ ನಡೆಯಲಿರುವ ಲೋಕಸಭೆ ಚುನಾವಣೆಯಲ್ಲಿ ನಮ್ಮ ಸ್ನೇಹಿತನಿಗೆ ಎಲ್ಲಾ ಯಶಸ್ಸು ಸಿಗಲಿ ಎಂದು ಪ್ರಧಾನಿ ನರೇಂದ್ರ ಮೋದಿ ಅವರಿಗೆ ರಷ್ಯಾ ಅಧ್ಯಕ್ಷ ವ್ಲಾಡಿಮಿರ್ ಪುಟಿನ್ ಶುಭ ಹಾರೈಸಿದ್ದಾರೆ. ರಷ್ಯಾ ಪ್ರವಾಸ ಕೈಗೊಂಡಿರುವ ವಿದೇಶಾಂಗ ವ್ಯವಹಾರಗಳ ಸಚಿವ ಎಸ್ ಜೈಶಂಕರ್ ಅವರನ್ನು ಸ್ವಾಗತಿಸಿದ ಪುಟಿನ್, ಪ್ರಧಾನಿ ನರೇಂದ್ರ ಮೋದಿ ಅವರ ರಷ್ಯಾಕ್ಕೆ ಭೇಟಿ ನೀಡಲಿ ಎಂದು ಆಹ್ವಾನ ಕೊಟ್ಟಿದ್ದಾರೆ. ರಾಜಕೀಯ ಶಕ್ತಿಗಳ ಜೋಡಣೆಗೆ ಏನೇ ಇದ್ದರೂ, ಭಾರತ ಮತ್ತು ರಷ್ಯಾ ನಡುವಿನ ಸಾಂಪ್ರದಾಯಿಕ ಸ್ನೇಹ ಸಂಬಂಧಗಳು ಎಂದಿಗೂ ಸ್ಥಿರವಾಗಿರುತ್ತವೆ ಎಂದು ಪುಟಿನ್ ತಿಳಿಸಿದರು. ಮೇಕ್ ಇನ್ ಇಂಡಿಯಾ ಶ್ಲಾಘಿಸಿದ ಪುಟಿನ್: ಉಕ್ರೇನ್‌ನಲ್ಲಿನ ಬೆಳವಣಿಗೆಗಳ ಕುರಿತು ಪ್ರಧಾನಿ ಮೋದಿ ಜತೆ ಮಾತನಾಡಿದ್ದೇನೆ ಎಂದು ಹೇಳಿದ ಪುಟಿನ್, ಅಲ್ಲಿ ಯಾವ ರೀತಿಯ ಬೆಳವಣಿಗೆಗಳು ನಡೆಯುತ್ತಿವೆ ಎಂಬುದನ್ನು ಪದೇ ಪದೇ ಮಾಹಿತಿ ನೀಡಿದ್ದೇನೆ. ಈ ಸಮಸ್ಯೆಯನ್ನು ಶಾಂತಿಯುತ ಮಾರ್ಗಗಳ ಮೂಲಕ ಪರಿಹರಿಸಲು ಅವರು ನೀಡಿದ ಸಲಹೆಗಳ ಬಗ್ಗೆ ನನಗೆ ತಿಳಿದಿದೆ ಎಂದು ಪುಟಿನ್ ಹೇಳಿದರು. ಭಾರತ ಚರ್ಚೆ ಮುಂದುವರಿಸಲಿದೆ ಎಂದು ಬಳಿಕ ಹೇಳಿದರು. ನನಗೆ ಪ್ರಧಾನಿ ಮೋದಿ ಅವರ ಸ್ಥಿತಿ ಬಗ್ಗೆ ತಿಳಿದಿದೆ. ನಾವು ಈ ಬಗ್ಗೆ ಒಂದಕ್ಕಿಂತಲೂ ಹೆಚ್ಚು ಬಾರಿ ಮಾತನಾಡಿದ್ದೇವೆ. ಉಕ್ರೇನ್ ಜತೆಗಿನ

ಸಂಘರ್ಷದ ಸುತ್ತಲಿನ ಸನ್ನಿವೇಶದ ಬಗ್ಗೆ ನಾನು ಅವರಿಗೆ ನಿರಂತರವಾಗಿ ಮಾಹಿತಿ ನೀಡುತ್ತಿದ್ದೇನೆ ಎಂದು ಪುಟಿನ್ ತಿಳಿಸಿದರು. ಜಗತ್ತಿನಾದ್ಯಂತ ವಿಶಿಷ್ಟ ಕೋಲಾಹಲಗಳು ನಡೆಯುತ್ತಿದ್ದರೂ, ಏಷ್ಯಾದಲ್ಲಿನ ನಮ್ಮ ನಿಜ ಸ್ನೇಹಿತ ಭಾರತವು ಹಾಗೂ ಜನತೆಯ ಬೆಳವಣಿಗೆ ಹೊಂದುತ್ತಿದೆ ನಮ್ಮವರು ಸಂತಸದ ಸಂಗತಿ ಎಂದು ಶ್ಲಾಘಿಸಿದರು. ನಮ್ಮ ಆತ್ಮೀಯ ಸ್ನೇಹಿತ, ಪ್ರಧಾನಿ ನರೇಂದ್ರ ಮೋದಿ ರಷ್ಯಾಕ್ಕೆ ಭೇಟಿ ನೀಡುವುದನ್ನು ನೋಡುವುದು ಖುಷಿಯಾಗಲಿದೆ ಎಂದರು. ಈಗ ನಾವು ರಷ್ಯಾ ಭಾರತ ಹಾಗೂ ಭಾರತ ಸಂಬಂಧಗಳ ಅಂಶಗಳ ಬಗ್ಗೆ ಮಾತನಾಡುತ್ತೇವೆ. ಎಲ್ಲ ಸಂಬಂಧಿತ, ಪ್ರಸ್ತುತ ಸಂಗತಿಗಳ ಕುರಿತು ಚರ್ಚಿಸುವುದು ಸಾಧ್ಯವಾಗಲಿದೆ ಎಂದು ಪುಟಿನ್ ಹೇಳಿದರು. ಪ್ರಧಾನಿ ಮೋದಿ ಅವರಿಗೆ ತಮ್ಮ ಶುಭಾಶಯ ತಿಳಿಸುವಂತೆ ಜೈಶಂಕರ್ ಅವರಿಗೆ ಮನವಿ ಮಾಡಿದ ರಷ್ಯಾ ಅಧ್ಯಕ್ಷ ಪುಟಿನ್, ನಾನು ಅವರನ್ನು ನೋಡಲು ಬಯಸುತ್ತೇನೆ ಎಂದು ಹೇಳಿದರು. ಭಾರತದ ಜನತೆಯ ಭವಿಷ್ಯ ಉತ್ತಮವಾಗಿರಲಿ, ಮುಂದಿನ ವರ್ಷ ಬಹುನಿರೀಕ್ಷಿತ ರಾಜಕೀಯ ಚುನಾವಣೆಗಳನ್ನು ಹೊಂದಿರುತ್ತದೆ. ಎಂಬುದನ್ನು ಉಲ್ಲೇಖಿಸಿದರು. ಮುಂದಿನ ವರ್ಷ ಸಂಸತ್ತಿನ ಸಾರ್ವತ್ರಿಕ ಚುನಾವಣೆ ನಡೆಯಲಿದೆ. ಅದರಲ್ಲಿ ಎಲ್ಲಾ ಯಶಸ್ಸು ಸಿಗಲಿ ಎಂದು ನಮ್ಮ ಸ್ನೇಹಿತನಿಗೆ ನಾವು ಶುಭ ಹಾರೈಸುತ್ತೇವೆ ಮತ್ತು ಅದಕ್ಕಾಗಿ ಆಶಯ ವ್ಯಕ್ತಪಡಿಸುತ್ತೇವೆ. ಎಂದು

ಯಾವ ರಾಜಕೀಯ ಬಣವೇ ಇದ್ದರೂ, ನಮ್ಮ ದೇಶಗಳ ನಡುವಿನ ಸಾಂಪ್ರದಾಯಿಕ ಸ್ನೇಹ ಸಂಬಂಧ ಚಿರವಾಗಿ ಇರಲಿದೆ ಎಂದು ಅವರು ಹೇಳಿದರು.
ಮಹಾಪುರುಷರ ಜಯಂತಿ ಆಚರಣೆಗೆ ಎಡಿಸಿ ಕರೆ

ಬಾಗಲಕೋಟ: ಜಿಲ್ಲೆಯಲ್ಲಿ ಡಿಸೆಂಬರ 29 ರಂದು ಜರಗುವ ವಿಶ್ವ ಮಾನವ ದಿನಾಚರಣೆ, ಜನವರಿ 1 ರಂದು ಅಮರಶಿಲ್ಪಿ ಜಕಣಾಚಾರಿ ಸಂಸ್ಮರಣಾ ದಿನಾಚರಣೆ, ಜನವರಿ 15 ರಂದು ಶಿವಯೋಗಿ ಸಿದ್ದರಾಮ ಜಯಂತಿ, ಜನವರಿ 19 ರಂದು ಜರಗುವ ಮಹಾಯೋಗಿ ವೇಮನ ಜಯಂತಿಗಳನ್ನು ಅರ್ಥಪೂರ್ಣವಾಗಿ ಆಚರಿಸಲಾಗುವುದೆಂದು ಅಪರ ಜಿಲ್ಲಾಧಿಕಾರಿ ಮಹಾದೇವ ಮುರಗಿ ಹೇಳಿದರು. ಜಿಲ್ಲಾ ಪಂಚಾಯತ ಸಭಾಭವನದಲ್ಲಿ ವಿವಿಧ ಮಹಾಪುರುಷರ ಜಯಂತಿ ಆಚರಣೆ ಕುರಿತು ಹಮ್ಮಿಕೊಂಡ ಪೂರ್ವಭಾವಿ ಸಭೆಯ ಅಧ್ಯಕ್ಷತೆ ವಹಿಸಿ ಮಾತನಾಡಿದ ಅವರು ಪ್ರತಿ ವರ್ಷದಂತೆ ಈ ವರ್ಷವೂ ಮಹಾಪುರುಷರ ಜಯಂತಿಗಳನ್ನು ಅರ್ಥಪೂರ್ಣವಾಗಿ ಆಚರಿಸಲಾಗುವುದು. ವಿಶ್ವ ಮಾನವ ದಿನಾಚರಣೆಯನ್ನು ನವನಗರದ ಅಂಬೇಡ್ಕರ್ ಭವನದಲ್ಲಿ ಆಚರಿಸಲಾಗುವುದು. ಜಿಲ್ಲಾ ಕೇಂದ್ರದಲ್ಲಿ ಕಾರ್ಯಕ್ರಮಗಳನ್ನು ಆಚರಿಸಲಾಗುವುದು.

ಜಯಂತಿ ಆಚರಣೆ ಕುರಿತಂತೆ ವಿವಿಧ ಸಮುದಾಯ ಮುಖಂಡರ ಸಲಹೆಗಳನ್ನು ಪಡೆಯಲಾಯಿತು. ಜಿಲ್ಲಾಡಳಿತ ಭವನದ ಆವರಣದಲ್ಲಿ ಸ್ವಾಗತ ಸಮಿತಿ, ಆಮಂತ್ರಣ ಪತ್ರಿಕೆ ಮುದ್ರಣ, ವೇದಿಕೆ, ಮೆರವಣಿಗೆಯಲ್ಲಿ ವಿವಿಧ ಕಲಾ ತಂಡಗಳನ್ನು ಆಹ್ವಾನಿಸುವಂತೆ ಕನ್ನಡ ಮತ್ತು ಸಂಸ್ಕೃತಿ ಇಲಾಖೆ ಸಹಾಯಕ ನಿರ್ದೇಶಕರಿಗೆ ತಿಳಿಸಿದರು. ಸಂಬಂಧಿಸಿದ ಸಮುದಾಯದವರು ಕಾರ್ಯಕ್ರಮದ ಯಶಸ್ಸಿಗೆ ಸಹಕರಿಸುವಂತೆ ತಿಳಿಸಲಾಯಿತು. ತಾಲೂಕ ಮಟ್ಟದಲ್ಲೂ ಆಚರಣೆ ಮಾಡಲಾಗುವುದು. ಸಮುದಾಯ ಭಾಂದವರು ಹೆಚ್ಚಿನ ಸಂಖ್ಯೆಯಲ್ಲಿ ಪಾಲ್ಗೊಳ್ಳುವ ಮೂಲಕ ಕಾರ್ಯಕ್ರಮ ಯಶಸ್ವಿಗೊಳಿಸುವಂತೆ ಮನವಿ ಮಾಡಿಕೊಂಡರು. ಸಭೆಯಲ್ಲಿ ಜಂಟಿ ಕೃಷಿ ನಿರ್ದೇಶಕ ಲಕ್ಷ್ಮಣ ಕಳ್ಳೇನವರ, ಜಿಲ್ಲಾ ಆಯುಷ್ ಅಧಿಕಾರಿ ಡಾ.ಕಳ್ಳಿಮಠ, ಕನ್ನಡ ಮತ್ತು ಸಂಸ್ಕೃತಿ ಇಲಾಖೆ ಸಹಾಯಕ ನಿರ್ದೇಶಕ ಕಲ್ಲೋಳಿ, ಸಮಾಜದ ಮುಖಂಡರಾದ ಬ್ರಹ್ಮಾನಂದ ಸೋನಾರ, ಸಿದ್ದಣ್ಣ ಕೋಟೆ, ಸಿದ್ದರಾಮಪ್ಪ ಹಾಗೂ ಇತರರು ಇದ್ದರು.

ಕಾಂಗ್ರೆಸ್ ಪಕ್ಷದ 139ನೇ ದಿನಾಚರಣೆ
ಕಾಂಗ್ರೆಸ್ ಸಮಿತಿ, ವಿಜಯಪುರ

ವಿಜಯಪುರ: ಇಂದು ಜಿಲ್ಲಾ ಕಾಂಗ್ರೆಸ್ ಕಾರ್ಯಾಲಯದಲ್ಲಿ ಕಾಂಗ್ರೆಸ್ ಪಕ್ಷದ 139ನೇ ಸಂಸ್ಥಾಪನಾ ದಿನಾಚರಣೆಯನ್ನು ಕಾರ್ಯಾಲಯದ ಆವರಣದಲ್ಲಿ ಧ್ವಜಾರೋಹಣ ಮಾಡುವ ಮೂಲಕ ಆಚರಿಸಲಾಯಿತು. ಈ ಸಂದರ್ಭದಲ್ಲಿ ಕೆಪಿಸಿಸಿ ಸದಸ್ಯರು ಹಾಗೂ ಕಾಂಗ್ರೆಸ್ ಮುಖಂಡರಾದ ಅಬ್ದುಲ್ ಹಮೀದ್ ಮುಶ್ರೀಫ್ ಧ್ವಜಾರೋಹಣ ನೆರವೇರಿಸಿ ಮಾತನಾಡುತ್ತಾ, ಈ ದೇಶದ ಸ್ವಾತಂತ್ರ್ಯ ಹೋರಾಟದಲ್ಲಿ ಕಾಂಗ್ರೆಸ್ ಪಕ್ಷ ಪ್ರಮುಖ ಪಾತ್ರವಹಿಸಿದೆ. ದೇಶದ ಎಲ್ಲಾ ವರ್ಗದ ಜನರ ಏಳಿಗೆಗಾಗಿ ಶ್ರಮಿಸುತ್ತಿರುವ ಕಾಂಗ್ರೆಸ್ ಪಕ್ಷದ 139ನೇ ಸಂಸ್ಥಾಪನಾ ದಿನವನ್ನು ಇಂದು ಆಚರಿಸುತ್ತಿದ್ದೇವೆ. ಇಂದು ಸ್ವಾತಂತ್ರ್ಯ ನಂತರದಲ್ಲಿ ದೇಶದ ಅಭಿವೃದ್ಧಿಗೆ ಕಾಂಗ್ರೆಸ್ ಪಕ್ಷದ ಕೊಡುಗೆ ಅಪಾರವಾಗಿದೆ ಎಂದು ಹೇಳಿದರು.

ಕಾರ್ಯಕ್ರಮದಲ್ಲಿ ಜಿಲ್ಲಾ ಕಾಂಗ್ರೆಸ್ ಉಪಾಧ್ಯಕ್ಷರುಗಳಾದ ಚಾಂದಸಾಬ ಗಡಗಲಾವ, ವೈಜನಾಥ ಕರ್ಪೂರಮಠ, ಡಾ.ಗಂಗಾಧರ ಸಂಬಣ್ಣಿ, ನಗರ ಬ್ಲಾಕ್ ಕಾಂಗ್ರೆಸ್ ಅಧ್ಯಕ್ಷ ಐ.ಎಂ.ಇಂಡೀಕರ, ಜಿಲ್ಲಾ ಮಹಿಳಾ ಕಾಂಗ್ರೆಸ್ ಅಧ್ಯಕ್ಷ ಶರಣಪ್ಪ ಯಕ್ಕುಂಡಿ, ಅಲ್ಪಸಂಖ್ಯಾತರ ವಿಭಾಗದ ಅಧ್ಯಕ್ಷ ಅಬ್ದುಲ್‌ರಜಾಕ ಹೊರ್ತಿ, ದಿನೇಶ ಹಳ್ಳಿ, ಕಾಂಗ್ರೆಸ್ ಮುಖಂಡರಾದ ಬಾಬು ಸೋಮನಾಥ ಕಳ್ಳಿಮನಿ, ಜಿಲ್ಲಾ ಪ್ರಧಾನ ಕಾರ್ಯದರ್ಶಿಗಳು ಸುರೇಶ ಗೊಣಸಗಿ, ಶರಣಪ್ಪ ಯಕ್ಕುಂಡಿ, ಕಾಂಗ್ರೆಸ್ ಮುಖಂಡರಾದ ಬಾಬು ಯಾಳವಾರ, ಜಿಲ್ಲಾ ಕಾಂಗ್ರೆಸ್ ಸೇವಾದಳದ ಅಧ್ಯಕ್ಷರಾದ ಬಸವರಾಜ ಕಾಂಬಳೆ, ನಗರ ಬ್ಲಾಕ್ ಕಾಂಗ್ರೆಸ್ ಉಪಾಧ್ಯಕ್ಷರಾದ ಆಸಿಫ್ ಬಾಂಗಿ, ಕಾಂಗ್ರೆಸ್ ಪದಾಧಿಕಾರಿಗಳಾದ ಗುರುನಾಥ ತೇಲಿ, ಮುತ್ತುರಾಜ ಕಾಂಬಳೆ, ಮಲ್ಲಿಕಾರ್ಜುನ ಗುರುಪಾದ, ಇರ್ಫಾನ ಶೇಖ, ಬಸವರಾಜ ಪೂಜಾರಿ, ಮಲ್ಲು ಕೊಡಗಾನೂರ, ಶ್ರೀಶೈಲ ಮಸಬಿನಾಳ, ಸುನೀಲ ಕುಲಕರ್ಣಿ, ಅಶೋಕ ಲಮಾಣಿ, ಶಂಕರ ಗುಡ್ಡದ ಹಾಗೂ ಕಾಂಗ್ರೆಸ್ ಕಾರ್ಯಕರ್ತರು ಮುಂತಾದವರು ಉಪಸ್ಥಿತರಿದ್ದರು. ಕಾರ್ಯಕ್ರಮದ ನಂತರ ಪಕ್ಷದ ಕಾರ್ಯಕರ್ತರಿಗೆ ಸಿಹಿ ಹಂಚಲಾಯಿತು.
